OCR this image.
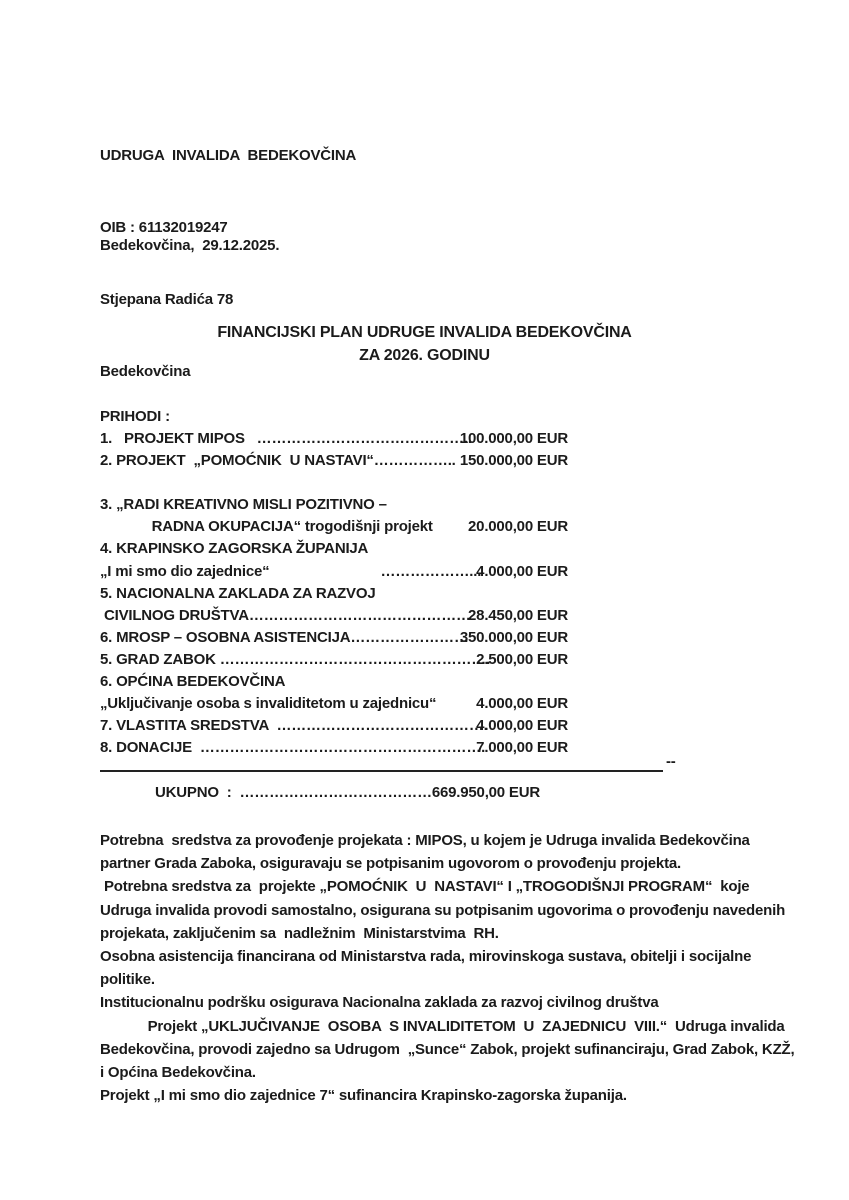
UDRUGA  INVALIDA  BEDEKOVČINA

OIB : 61132019247

Stjepana Radića 78

Bedekovčina

Bedekovčina,  29.12.2025.
FINANCIJSKI PLAN UDRUGE INVALIDA BEDEKOVČINA
ZA 2026. GODINU
PRIHODI :
1.   PROJEKT MIPOS   ……………………………………..
100.000,00 EUR
2. PROJEKT  „POMOĆNIK  U NASTAVI“…………….. 150.000,00 EUR
3. „RADI KREATIVNO MISLI POZITIVNO –
RADNA OKUPACIJA“ trogodišnji projekt	20.000,00 EUR
4. KRAPINSKO ZAGORSKA ŽUPANIJA
„I mi smo dio zajednice“                            ………………...
4.000,00 EUR
5. NACIONALNA ZAKLADA ZA RAZVOJ
CIVILNOG DRUŠTVA………………………………………
28.450,00 EUR
6. MROSP – OSOBNA ASISTENCIJA……………………
350.000,00 EUR
5. GRAD ZABOK ……………………………………………….
2.500,00 EUR
6. OPĆINA BEDEKOVČINA
„Uključivanje osoba s invaliditetom u zajednicu“	4.000,00 EUR
7. VLASTITA SREDSTVA  …………………………………….
4.000,00 EUR
8. DONACIJE  ………………………………………………….
7.000,00 EUR
--
UKUPNO  :  …………………………………669.950,00 EUR
Potrebna  sredstva za provođenje projekata : MIPOS, u kojem je Udruga invalida Bedekovčina
partner Grada Zaboka, osiguravaju se potpisanim ugovorom o provođenju projekta.
Potrebna sredstva za  projekte „POMOĆNIK  U  NASTAVI“ I „TROGODIŠNJI PROGRAM“  koje
Udruga invalida provodi samostalno, osigurana su potpisanim ugovorima o provođenju navedenih
projekata, zaključenim sa  nadležnim  Ministarstvima  RH.
Osobna asistencija financirana od Ministarstva rada, mirovinskoga sustava, obitelji i socijalne
politike.
Institucionalnu podršku osigurava Nacionalna zaklada za razvoj civilnog društva
Projekt „UKLJUČIVANJE  OSOBA  S INVALIDITETOM  U  ZAJEDNICU  VIII.“  Udruga invalida
Bedekovčina, provodi zajedno sa Udrugom  „Sunce“ Zabok, projekt sufinanciraju, Grad Zabok, KZŽ,
i Općina Bedekovčina.
Projekt „I mi smo dio zajednice 7“ sufinancira Krapinsko-zagorska županija.
